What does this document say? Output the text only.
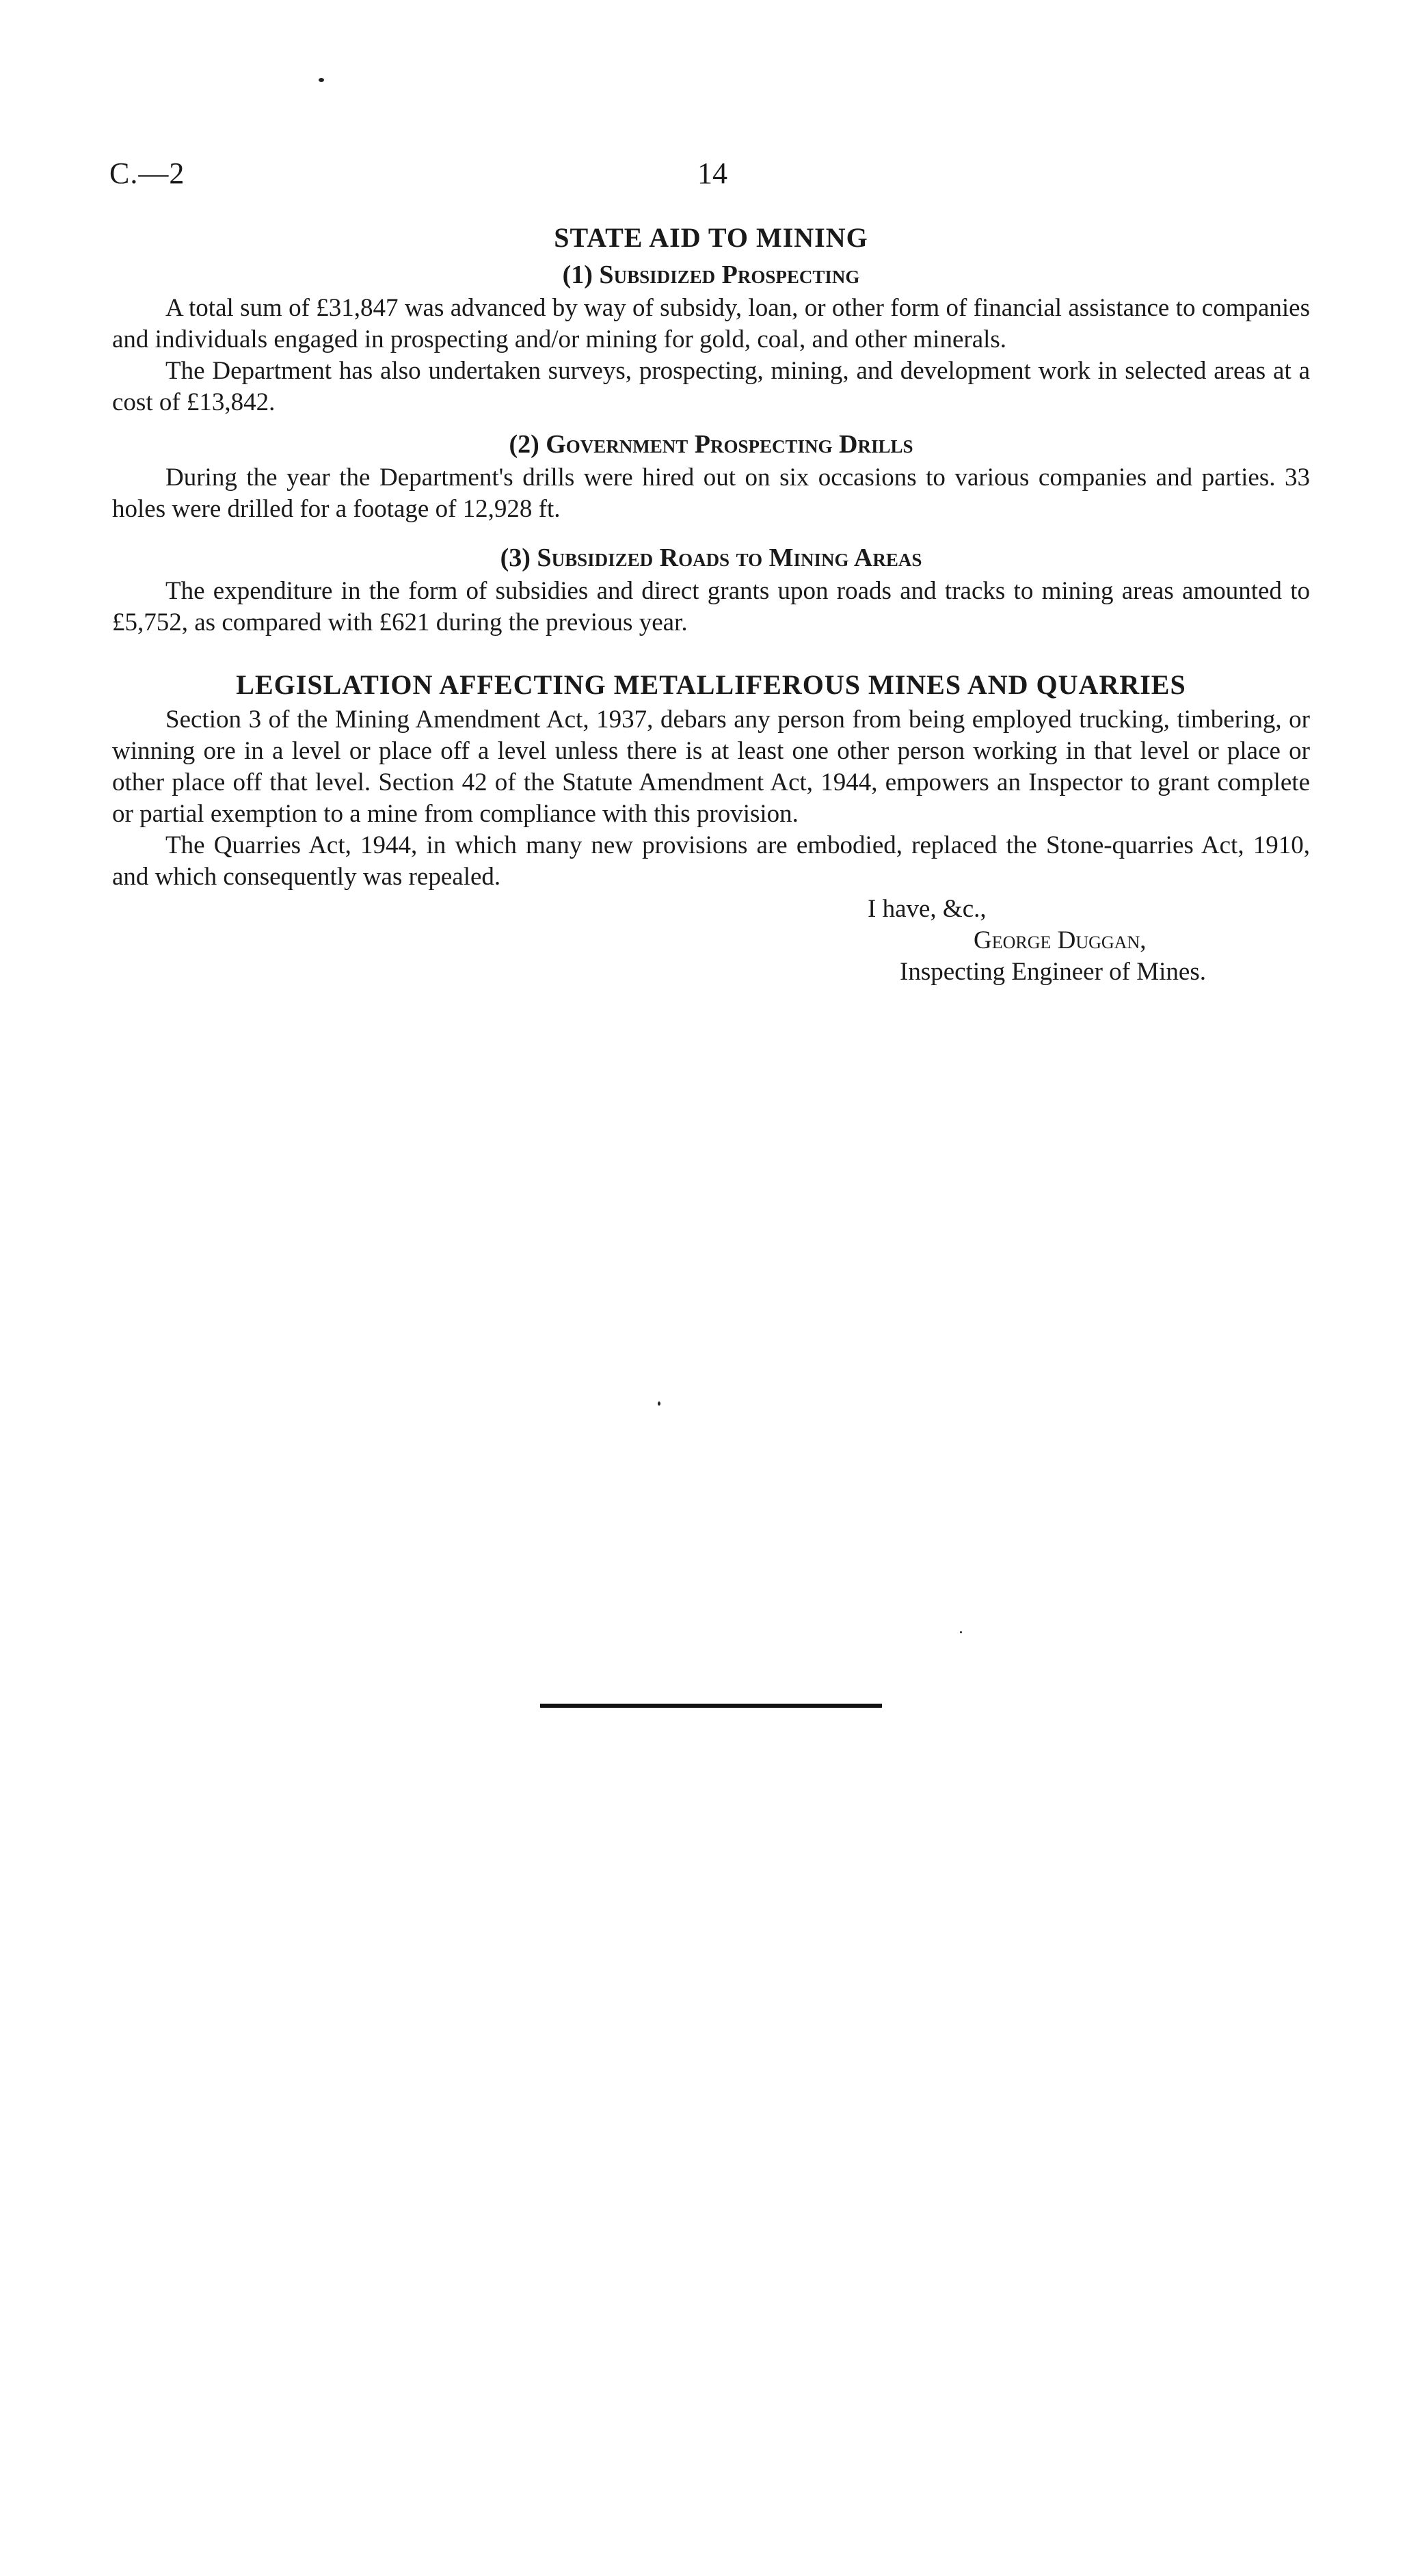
C.—2	14
STATE AID TO MINING
(1) Subsidized Prospecting

A total sum of £31,847 was advanced by way of subsidy, loan, or other form of financial assistance to companies and individuals engaged in prospecting and/or mining for gold, coal, and other minerals.

The Department has also undertaken surveys, prospecting, mining, and development work in selected areas at a cost of £13,842.

(2) Government Prospecting Drills

During the year the Department's drills were hired out on six occasions to various companies and parties. 33 holes were drilled for a footage of 12,928 ft.

(3) Subsidized Roads to Mining Areas

The expenditure in the form of subsidies and direct grants upon roads and tracks to mining areas amounted to £5,752, as compared with £621 during the previous year.

LEGISLATION AFFECTING METALLIFEROUS MINES AND QUARRIES

Section 3 of the Mining Amendment Act, 1937, debars any person from being employed trucking, timbering, or winning ore in a level or place off a level unless there is at least one other person working in that level or place or other place off that level. Section 42 of the Statute Amendment Act, 1944, empowers an Inspector to grant complete or partial exemption to a mine from compliance with this provision.

The Quarries Act, 1944, in which many new provisions are embodied, replaced the Stone-quarries Act, 1910, and which consequently was repealed.

I have, &c.,
George Duggan,
Inspecting Engineer of Mines.
